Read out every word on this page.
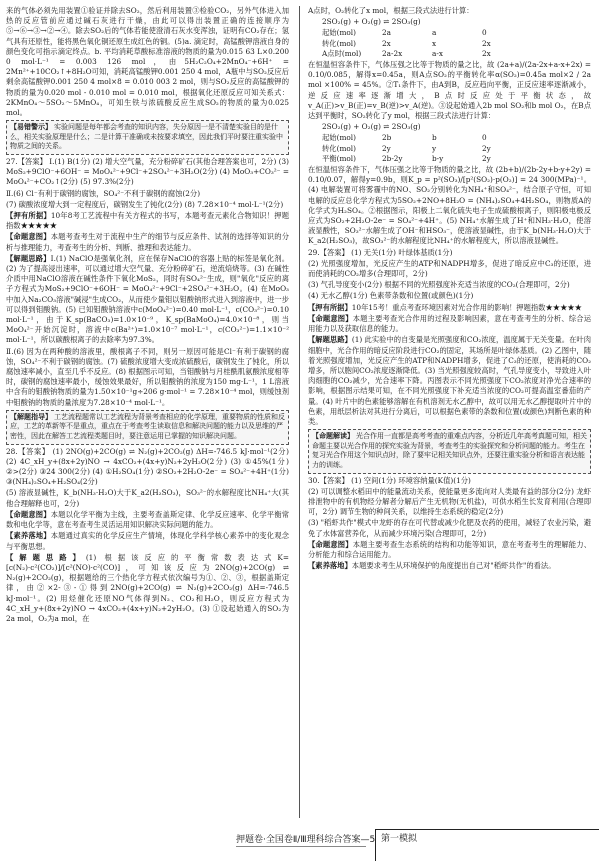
来的气体必须先用装置①验证并除去SO₂，然后利用装置③检验CO₂，另外气体进入加热的反应管前应通过碱石灰进行干燥，由此可以得出装置正确的连接顺序为⑤→⑥→③→②→④。除去SO₂后的气体若能使澄清石灰水变浑浊，证明有CO₂存在；氢气具有还原性，能将黑色氧化铜还原生成红色的铜。(5)a. 滴定时，高锰酸钾溶液自身的颜色变化可指示滴定终点。b. 平均消耗草酸标准溶液的物质的量为0.015 63 L×0.200 0 mol·L⁻¹ = 0.003 126 mol，由5H₂C₂O₄+2MnO₄⁻+6H⁺ = 2Mn²⁺+10CO₂↑+8H₂O可知，消耗高锰酸钾0.001 250 4 mol，A瓶中与SO₂反应后剩余高锰酸钾0.001 250 4 mol×8 = 0.010 003 2 mol，则与SO₂反应的高锰酸钾的物质的量为0.020 mol - 0.010 mol = 0.010 mol，根据氧化还原反应可知关系式：2KMnO₄～5SO₂～5MnO₄，可知生铁与浓硫酸反应生成SO₂的物质的量为0.025 mol。

【易错警示】 实验问题是每年都会考查的知识内容，失分原因一是不清楚实验目的是什么，相关实验原理是什么；二是计算干准确或未按要求填空，因此我们平时要注重实验中物质之间的关系。

27.【答案】 Ⅰ.(1) B(1分) (2) 增大空气量，充分粉碎矿石(其他合理答案也可，2分) (3) MoS₂+9ClO⁻+6OH⁻ = MoO₄²⁻+9Cl⁻+2SO₄²⁻+3H₂O(2分) (4) MoO₃+CO₃²⁻ = MoO₄²⁻+CO₂↑(2分) (5) 97.3%(2分)

Ⅱ.(6) Cl⁻有利于碳钢的腐蚀，SO₄²⁻不利于碳钢的腐蚀(2分)

(7) 碳酸浓度增大到一定程度后，碳钢发生了钝化(2分) (8) 7.28×10⁻⁴ mol·L⁻¹(2分)

【押有所据】10年8考工艺流程中有关方程式的书写，本题考查元素化合物知识！押题指数★★★★★

【命题意图】本题考查考生对于流程中生产的细节与反应条件、试剂的选择等知识的分析与推理能力，考查考生的分析、判断、推理和表达能力。

【解题思路】Ⅰ.(1) NaClO是强氧化剂，应在保存NaClO的容器上贴的标签是氧化剂。(2) 为了提高浸出速率，可以通过增大空气量、充分粉碎矿石，逆流焙烧等。(3) 在碱性介质中用NaClO溶液在碱性条件下氧化MoS₂，同时有SO₄²⁻生成，则"氧化"反应的离子方程式为MoS₂+9ClO⁻+6OH⁻ = MoO₄²⁻+9Cl⁻+2SO₄²⁻+3H₂O。(4) 在MoO₃中加入Na₂CO₃溶液"碱浸"生成CO₂，从而使少量钼以钼酸钠形式进入到溶液中，进一步可以得到钼酸钠。(5) 已知钼酸钠溶液中c(MoO₄²⁻)=0.40 mol·L⁻¹，c(CO₃²⁻)=0.10 mol·L⁻¹，由于K_sp(BaCO₃)=1.0×10⁻⁹，K_sp(BaMoO₄)=4.0×10⁻⁸，则当MoO₄²⁻开始沉淀时，溶液中c(Ba²⁺)=1.0×10⁻⁷ mol·L⁻¹，c(CO₃²⁻)=1.1×10⁻² mol·L⁻¹，所以碳酸根离子的去除率为97.3%。

Ⅱ.(6) 因为在两种酸的溶液里，酸根离子不同，则另一原因可能是Cl⁻有利于碳钢的腐蚀，SO₄²⁻不利于碳钢的腐蚀。(7) 硫酸浓度增大变成浓硫酸后，碳钢发生了钝化，所以腐蚀速率减小，直至几乎不反应。(8) 根据图示可知，当钼酸钠与月桂酰肌氨酸浓度相等时，碳钢的腐蚀速率最小，缓蚀效果最好，所以钼酸钠的浓度为150 mg·L⁻¹，1 L溶液中含有的钼酸钠物质的量为1.50×10⁻¹g÷206 g·mol⁻¹ = 7.28×10⁻⁴ mol，则缓蚀剂中钼酸钠的物质的量浓度为7.28×10⁻⁴ mol·L⁻¹。

【解题指导】 工艺流程题常以工艺流程为背景考查相应的化学原理，重要物质的性质和反应，工艺的革新等不是重点，重点在于考查考生读取信息和解决问题的能力以及思维的严密性，因此在解答工艺流程类题目时，要注意运用已掌握的知识解决问题。

28.【答案】 (1) 2NO(g)+2CO(g) ⇌ N₂(g)+2CO₂(g) ΔH=-746.5 kJ·mol⁻¹(2分) (2) 4C_xH_y+(8x+2y)NO → 4xCO₂+(4x+y)N₂+2yH₂O(2分) (3) ①45%(1分) ②>(2分) ③24 300(2分) (4) ①H₂SO₄(1分) ②SO₂+2H₂O-2e⁻ = SO₄²⁻+4H⁺(1分) ③(NH₄)₂SO₄+H₂SO₄(2分)

(5) 溶液显碱性，K_b(NH₃·H₂O)大于K_a2(H₂SO₃)，SO₃²⁻的水解程度比NH₄⁺大(其他合理解释也可，2分)

【命题意图】本题以化学平衡为主线，主要考查盖斯定律、化学反应速率、化学平衡常数和电化学等，意在考查考生灵活运用知识解决实际问题的能力。

【素养落地】本题通过真实的化学反应生产情境，体现化学科学核心素养中的变化观念与平衡思想。

【解题思路】(1) 根据该反应的平衡常数表达式K=[c(N₂)·c²(CO₂)]/[c²(NO)·c²(CO)]，可知该反应为2NO(g)+2CO(g) ⇌ N₂(g)+2CO₂(g)，根据题给的三个热化学方程式依次编号为①、②、③，根据盖斯定律，由②×2-③-①得到2NO(g)+2CO(g) ⇌ N₂(g)+2CO₂(g) ΔH=-746.5 kJ·mol⁻¹。(2) 用烃催化还原NO气体得到N₂、CO₂和H₂O，则反应方程式为4C_xH_y+(8x+2y)NO → 4xCO₂+(4x+y)N₂+2yH₂O。(3) ①设起始通入的SO₂为2a mol，O₂为a mol，在

A点时，O₂转化了x mol，根据三段式法进行计算：

2SO₂(g) + O₂(g) ⇌ 2SO₃(g)

起始(mol)	2a	a	0
转化(mol)	2x	x	2x
A点时(mol)	2a-2x	a-x	2x

在恒温恒容条件下，气体压强之比等于物质的量之比，故 (2a+a)/(2a-2x+a-x+2x) = 0.10/0.085，解得x=0.45a，则A点SO₂的平衡转化率α(SO₂)=0.45a mol×2 / 2a mol ×100% = 45%。②T₁条件下，由A到B，反应趋向平衡，正反应速率逐渐减小，逆反应速率逐渐增大，B点时反应处于平衡状态，故v_A(正)>v_B(正)=v_B(逆)>v_A(逆)。③设起始通入2b mol SO₂和b mol O₂，在B点达到平衡时，SO₂转化了y mol，根据三段式法进行计算：

2SO₂(g) + O₂(g) ⇌ 2SO₃(g)

起始(mol)	2b	b	0
转化(mol)	2y	y	2y
平衡(mol)	2b-2y	b-y	2y

在恒温恒容条件下，气体压强之比等于物质的量之比，故 (2b+b)/(2b-2y+b-y+2y) = 0.10/0.07，解得y=0.9b，则K_p = p²(SO₃)/[p²(SO₂)·p(O₂)] = 24 300(MPa)⁻¹。(4) 电解装置可将雾霾中的NO、SO₂分别转化为NH₄⁺和SO₄²⁻，结合原子守恒，可知电解的反应总化学方程式为5SO₂+2NO+8H₂O = (NH₄)₂SO₄+4H₂SO₄，则物质A的化学式为H₂SO₄。②根据图示，阳极上二氧化硫失电子生成硫酸根离子，则阳极电极反应式为SO₂+2H₂O-2e⁻ = SO₄²⁻+4H⁺。(5) NH₄⁺水解生成了H⁺和NH₃·H₂O，使溶液显酸性，SO₃²⁻水解生成了OH⁻和HSO₃⁻，使溶液显碱性，由于K_b(NH₃·H₂O)大于K_a2(H₂SO₃)，故SO₃²⁻的水解程度比NH₄⁺的水解程度大，所以溶液显碱性。

29.【答案】 (1) 无关(1分) 叶绿体基质(1分)

(2) 光照强度增加，光反应产生的ATP和NADPH增多，促进了暗反应中C₃的还原，进而使消耗的CO₂增多(合理即可，2分)

(3) 气孔导度变小(2分) 根据不同的光照强度补充适当浓度的CO₂(合理即可，2分)

(4) 无水乙醇(1分) 色素带条数和位置(或颜色)(1分)

【押有所据】10年15考！重点考查环境因素对光合作用的影响！押题指数★★★★★

【命题意图】本题主要考查光合作用的过程及影响因素，意在考查考生的分析、综合运用能力以及获取信息的能力。

【解题思路】(1) 此实验中的自变量是光照强度和CO₂浓度，温度属于无关变量。在叶肉细胞中，光合作用的暗反应阶段进行CO₂的固定，其场所是叶绿体基质。(2) 乙图中，随着光照强度增加，光反应产生的ATP和NADPH增多，促进了C₃的还原，使消耗的CO₂增多，所以胞间CO₂浓度逐渐降低。(3) 当光照强度较高时，气孔导度变小，导致进入叶肉细胞的CO₂减少，光合速率下降。丙图表示不同光照强度下CO₂浓度对净光合速率的影响，根据图示结果可知，在不同光照强度下补充适当浓度的CO₂可提高温室番茄的产量。(4) 叶片中的色素能够溶解在有机溶剂无水乙醇中，故可以用无水乙醇提取叶片中的色素，用纸层析法对其进行分离后，可以根据色素带的条数和位置(或颜色)判断色素的种类。

【命题解读】 光合作用一直都是高考考查的重难点内容，分析近几年高考真题可知，相关命题主要以光合作用的探究实验为背景，考查考生的实验探究和分析问题的能力。考生在复习光合作用这个知识点时，除了要牢记相关知识点外，还要注重实验分析和语言表达能力的训练。

30.【答案】 (1) 空间(1分) 环境容纳量(K值)(1分)

(2) 可以调整水稻田中的能量流动关系，使能量更多流向对人类最有益的部分(2分) 龙虾排泄物中的有机物经分解者分解后产生无机物(无机盐)，可供水稻生长发育利用(合理即可，2分) 调节生物的种间关系，以维持生态系统的稳定(2分)

(3) "稻虾共作"模式中龙虾的存在可代替或减少化肥及农药的使用，减轻了农业污染，避免了水体富营养化，从而减少环境污染(合理即可，2分)

【命题意图】本题主要考查生态系统的结构和功能等知识，意在考查考生的理解能力、分析能力和综合运用能力。

【素养落地】本题要求考生从环境保护的角度提出自己对"稻虾共作"的看法。

押题卷·全国卷Ⅱ/Ⅲ理科综合答案—5 第一模拟
